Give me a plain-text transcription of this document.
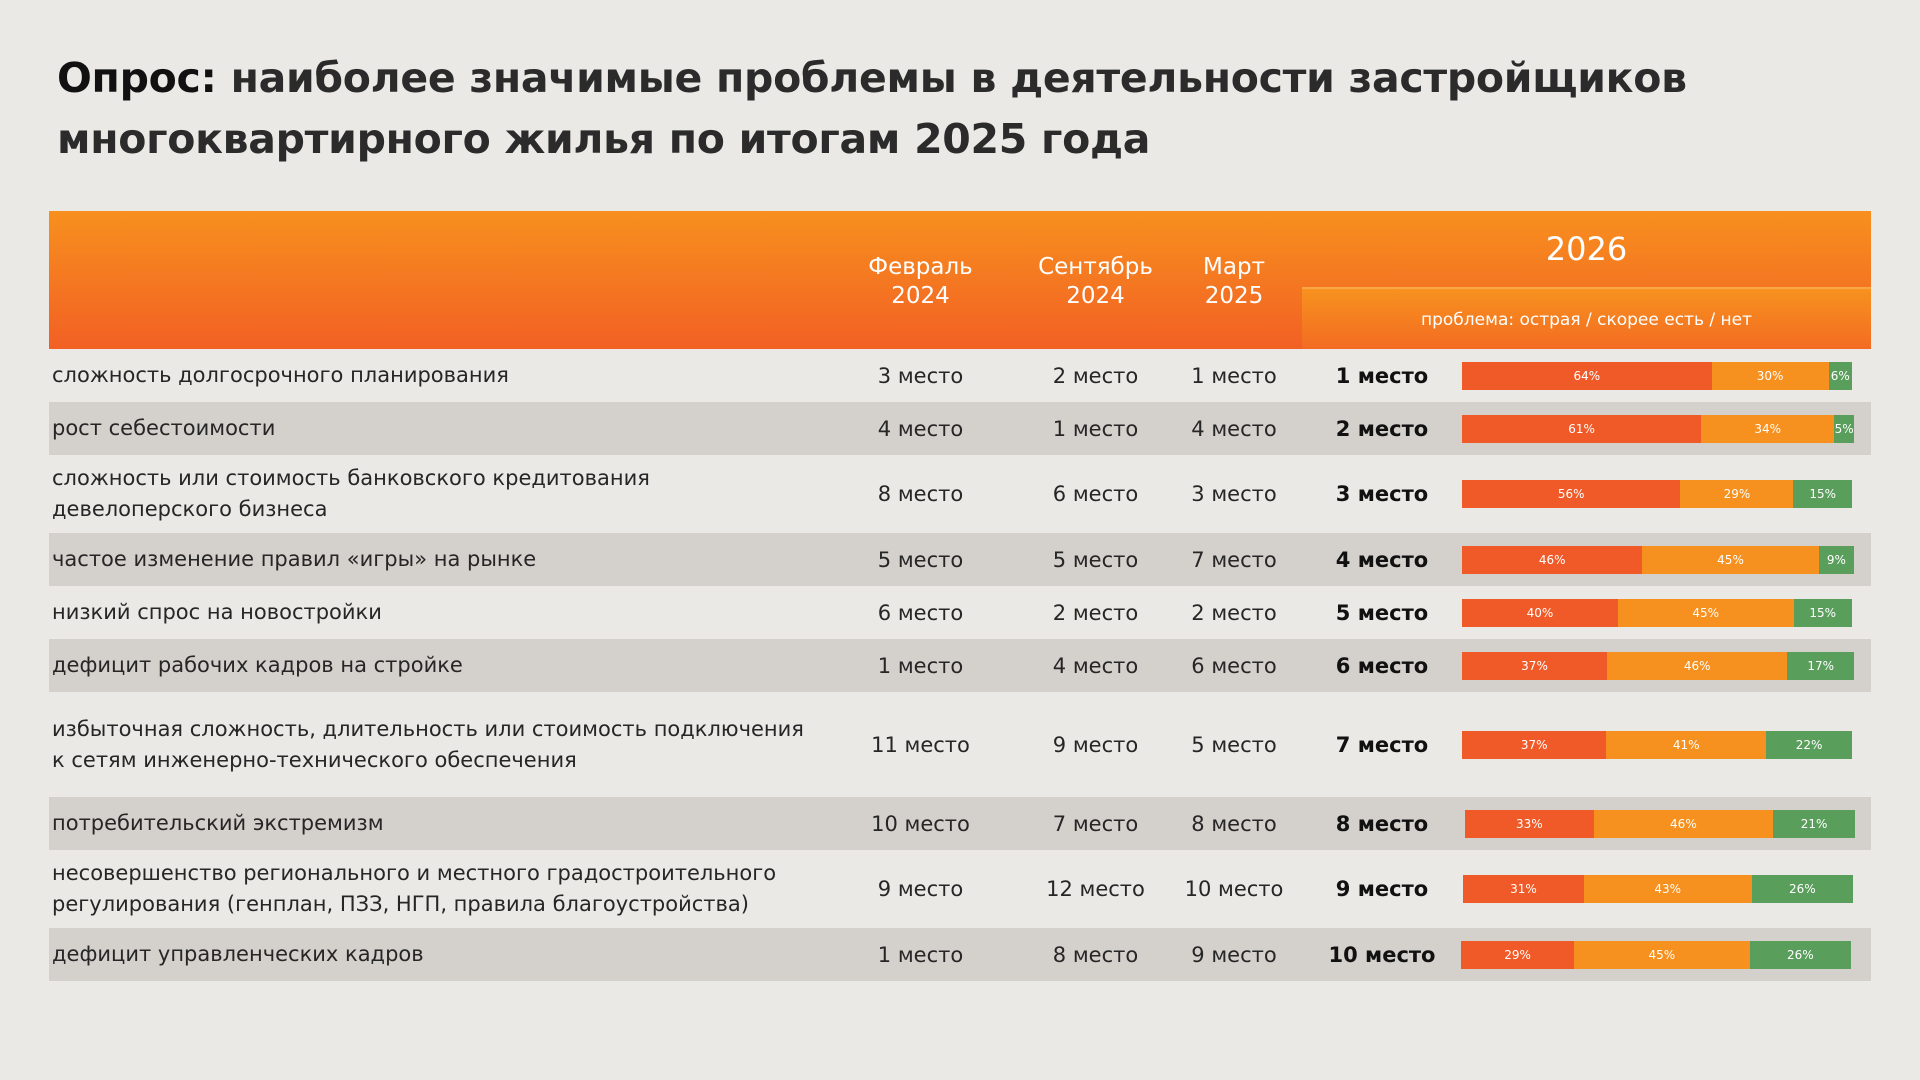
Опрос: наиболее значимые проблемы в деятельности застройщиков
многоквартирного жилья по итогам 2025 года
Февраль
2024
Сентябрь
2024
Март
2025
2026
проблема: острая / скорее есть / нет
сложность долгосрочного планирования	3 место	2 место	1 место	1 место	64%	30%	6%
рост себестоимости	4 место	1 место	4 место	2 место	61%	34%	5%
сложность или стоимость банковского кредитования
девелоперского бизнеса
8 место	6 место	3 место	3 место	56%	29%	15%
частое изменение правил «игры» на рынке	5 место	5 место	7 место	4 место	46%	45%	9%
низкий спрос на новостройки	6 место	2 место	2 место	5 место	40%	45%	15%
дефицит рабочих кадров на стройке	1 место	4 место	6 место	6 место	37%	46%	17%
избыточная сложность, длительность или стоимость подключения
к сетям инженерно-технического обеспечения
11 место	9 место	5 место	7 место	37%	41%	22%
потребительский экстремизм	10 место	7 место	8 место	8 место	33%	46%	21%
несовершенство регионального и местного градостроительного
регулирования (генплан, ПЗЗ, НГП, правила благоустройства)
9 место	12 место	10 место	9 место	31%	43%	26%
дефицит управленческих кадров	1 место	8 место	9 место	10 место	29%	45%	26%
